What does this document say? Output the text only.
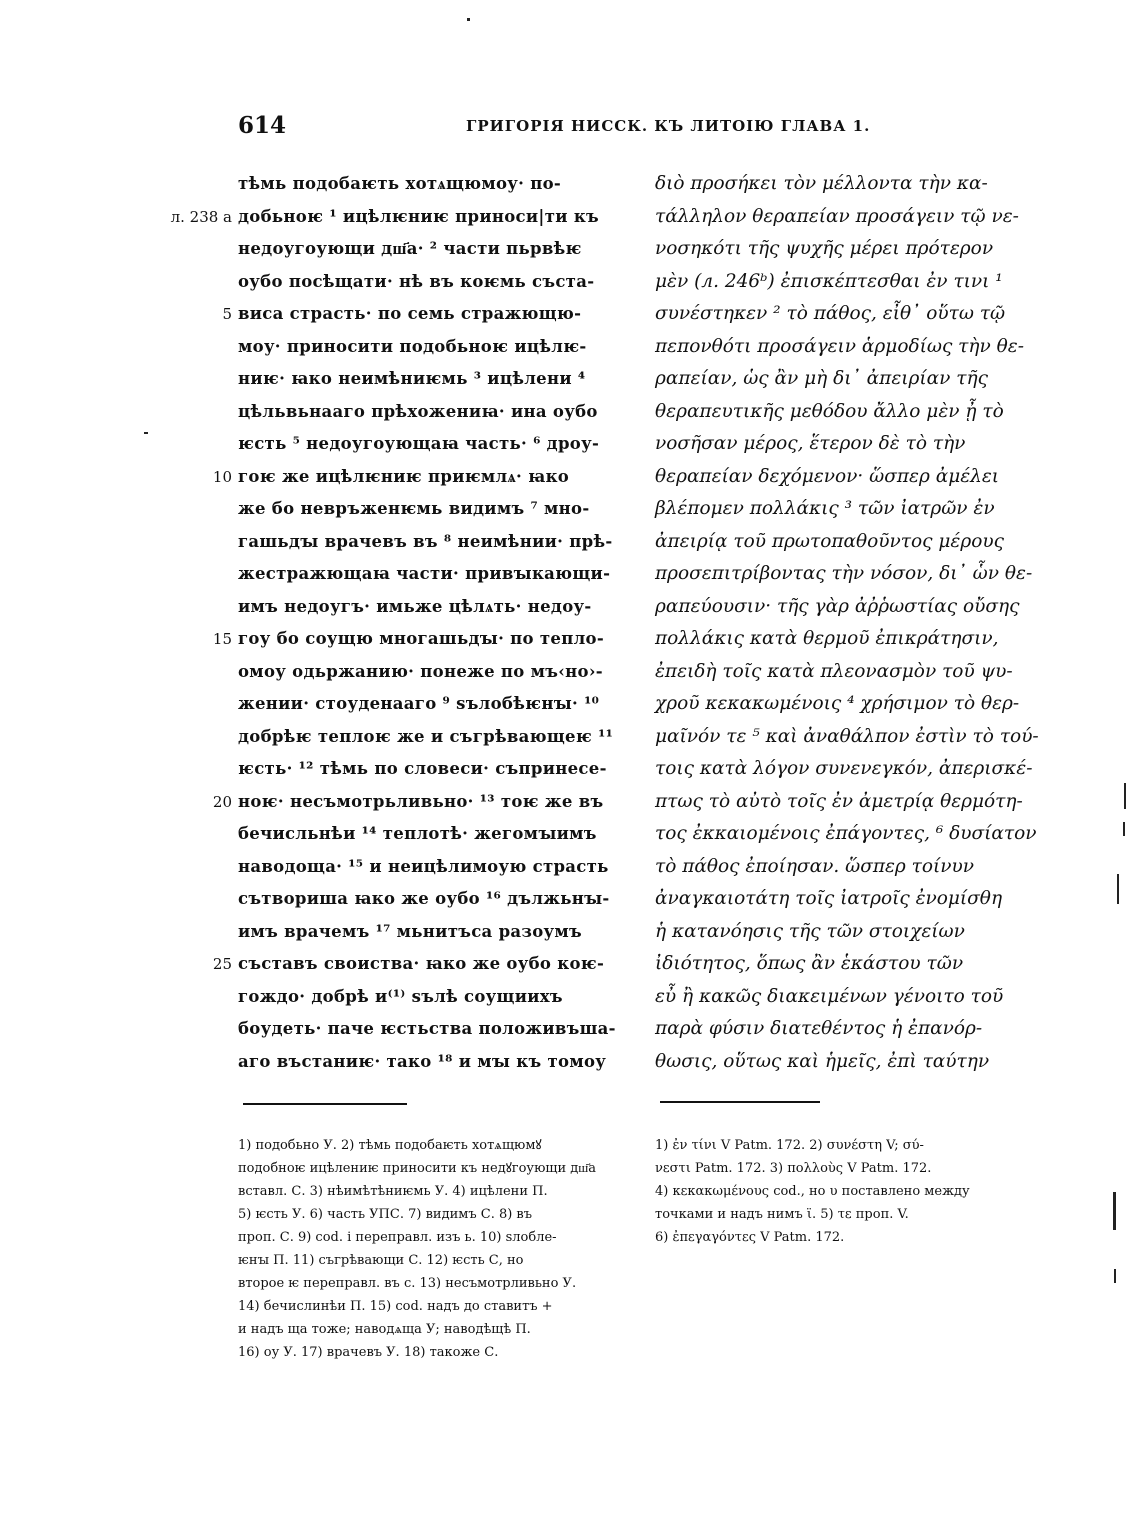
614	ГРИГОРІЯ НИССК. КЪ ЛИТОІЮ ГЛАВА 1.
л. 238 а
5
10
15
20
25
тѣмь подобаѥть хотѧщюмоу· по-
добьноѥ ¹ ицѣлѥниѥ приноси|ти къ
недоугоующи дш҃а· ² части пьрвѣѥ
оубо посѣщати· нѣ въ коѥмь съста-
виса страсть· по семь стражющю-
моу· приносити подобьноѥ ицѣлѥ-
ниѥ· ꙗко неимѣниѥмь ³ ицѣлени ⁴
цѣльвьнааго прѣхожениꙗ· ина оубо
ѥсть ⁵ недоугоующаꙗ часть· ⁶ дроу-
гоѥ же ицѣлѥниѥ приѥмлѧ· ꙗко
же бо невръженѥмь видимъ ⁷ мно-
гашьдꙑ врачевъ въ ⁸ неимѣнии· прѣ-
жестражющаꙗ части· привꙑкающи-
имъ недоугъ· имьже цѣлѧть· недоу-
гоу бо соущю многашьдꙑ· по тепло-
омоу одьржанию· понеже по мъ‹но›-
жении· стоуденааго ⁹ ѕълобѣѥнꙑ· ¹⁰
добрѣѥ теплоѥ же и съгрѣвающеѥ ¹¹
ѥсть· ¹² тѣмь по словеси· съпринесе-
ноѥ· несъмотрьливьно· ¹³ тоѥ же въ
бечисльнѣи ¹⁴ теплотѣ· жегомꙑимъ
наводоща· ¹⁵ и неицѣлимоую страсть
сътвориша ꙗко же оубо ¹⁶ дължьнꙑ-
имъ врачемъ ¹⁷ мьнитъса разоумъ
съставъ своиства· ꙗко же оубо коѥ-
гождо· добрѣ и⁽¹⁾ ѕълѣ соущиихъ
боудеть· паче ѥстьства положивъша-
аго въстаниѥ· тако ¹⁸ и мꙑ къ томоу
διὸ προσήκει τὸν μέλλοντα τὴν κα-
τάλληλον θεραπείαν προσάγειν τῷ νε-
νοσηκότι τῆς ψυχῆς μέρει πρότερον
μὲν (л. 246ᵇ) ἐπισκέπτεσθαι ἐν τινι ¹
συνέστηκεν ² τὸ πάθος, εἶθ᾽ οὕτω τῷ
πεπονθότι προσάγειν ἁρμοδίως τὴν θε-
ραπείαν, ὡς ἂν μὴ δι᾽ ἀπειρίαν τῆς
θεραπευτικῆς μεθόδου ἄλλο μὲν ᾖ τὸ
νοσῆσαν μέρος, ἕτερον δὲ τὸ τὴν
θεραπείαν δεχόμενον· ὥσπερ ἀμέλει
βλέπομεν πολλάκις ³ τῶν ἰατρῶν ἐν
ἀπειρίᾳ τοῦ πρωτοπαθοῦντος μέρους
προσεπιτρίβοντας τὴν νόσον, δι᾽ ὧν θε-
ραπεύουσιν· τῆς γὰρ ἀῤῥωστίας οὔσης
πολλάκις κατὰ θερμοῦ ἐπικράτησιν,
ἐπειδὴ τοῖς κατὰ πλεονασμὸν τοῦ ψυ-
χροῦ κεκακωμένοις ⁴ χρήσιμον τὸ θερ-
μαῖνόν τε ⁵ καὶ ἀναθάλπον ἐστὶν τὸ τού-
τοις κατὰ λόγον συνενεγκόν, ἀπερισκέ-
πτως τὸ αὐτὸ τοῖς ἐν ἀμετρίᾳ θερμότη-
τος ἐκκαιομένοις ἐπάγοντες, ⁶ δυσίατον
τὸ πάθος ἐποίησαν. ὥσπερ τοίνυν
ἀναγκαιοτάτη τοῖς ἰατροῖς ἐνομίσθη
ἡ κατανόησις τῆς τῶν στοιχείων
ἰδιότητος, ὅπως ἂν ἑκάστου τῶν
εὖ ἢ κακῶς διακειμένων γένοιτο τοῦ
παρὰ φύσιν διατεθέντος ἡ ἐπανόρ-
θωσις, οὕτως καὶ ἡμεῖς, ἐπὶ ταύτην
1) подобьно У. 2) тѣмь подобаѥть хотѧщюмꙋ
подобноѥ ицѣлениѥ приносити къ недꙋгоующи дш҃а
вставл. С. 3) нѣимѣтѣниѥмь У. 4) ицѣлени П.
5) ѥсть У. 6) часть УПС. 7) видимъ С. 8) въ
проп. С. 9) cod. і переправл. изъ ь. 10) ѕлобле-
ѥнꙑ П. 11) съгрѣвающи С. 12) ѥсть С, но
второе ѥ переправл. въ с. 13) несъмотрливьно У.
14) бечислинѣи П. 15) cod. надъ до ставитъ +
и надъ ща тоже; наводѧща У; наводѣщѣ П.
16) оу У. 17) врачевъ У. 18) такоже С.
1) ἐν τίνι V Patm. 172. 2) συνέστη V; σύ-
νεστι Patm. 172. 3) πολλοὺς V Patm. 172.
4) κεκακωμένους cod., но υ поставлено между
точками и надъ нимъ ϊ. 5) τε проп. V.
6) ἐπεγαγόντες V Patm. 172.
